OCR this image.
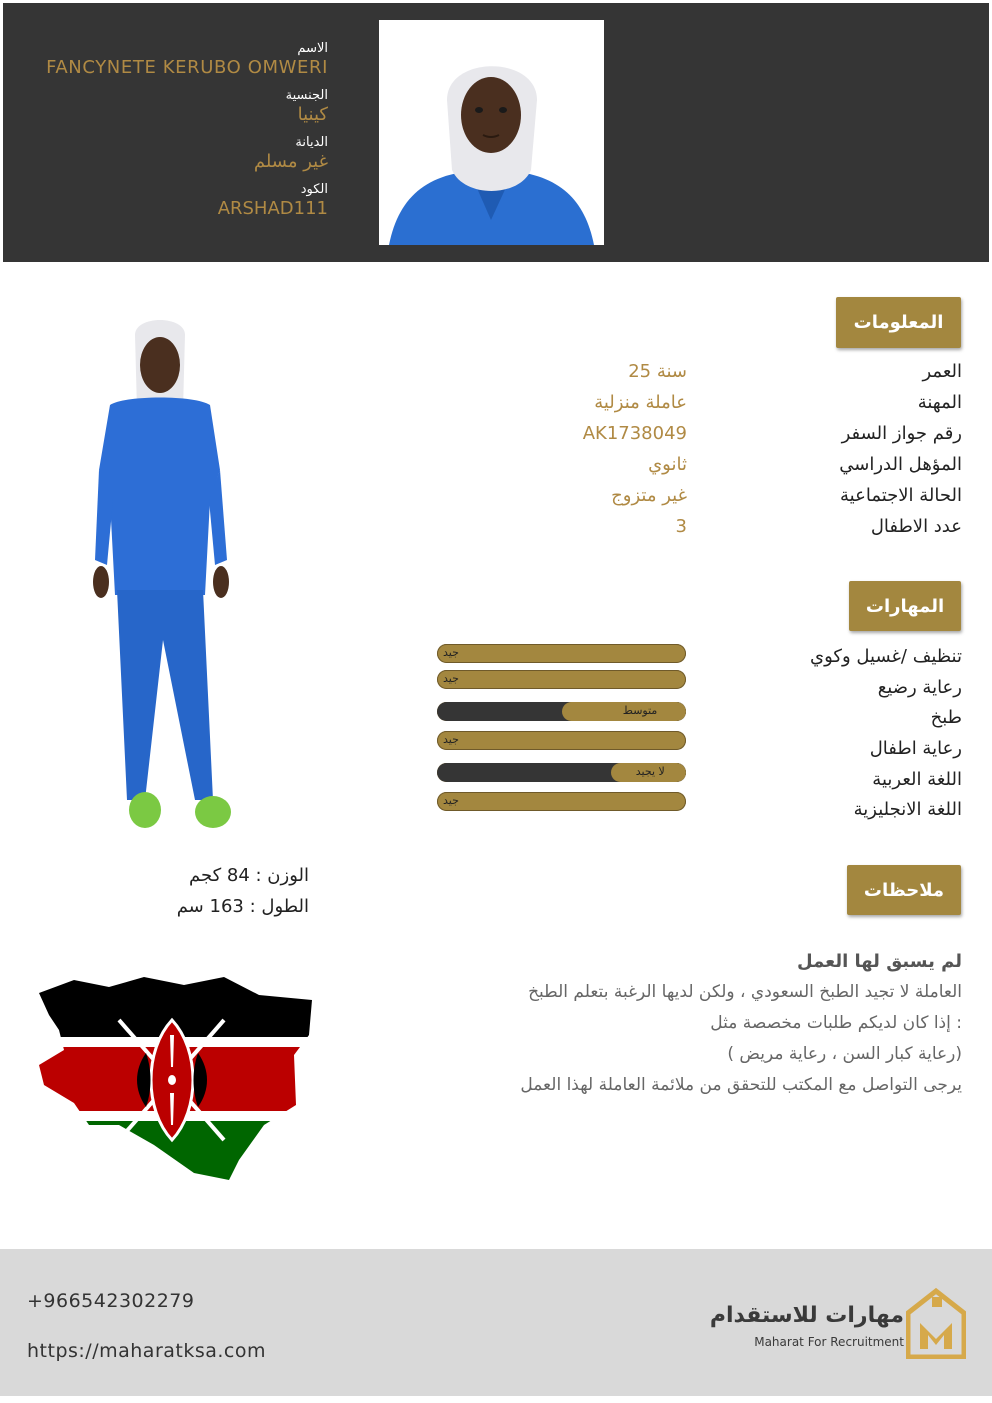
الاسم
FANCYNETE KERUBO OMWERI
الجنسية
كينيا
الديانة
غير مسلم
الكود
ARSHAD111
المعلومات
العمر
25 سنة
المهنة
عاملة منزلية
رقم جواز السفر
AK1738049
المؤهل الدراسي
ثانوي
الحالة الاجتماعية
غير متزوج
عدد الاطفال
3
المهارات
تنظيف /غسيل وكوي
جيد
رعاية رضيع
جيد
طبخ
متوسط
رعاية اطفال
جيد
اللغة العربية
لا يجيد
اللغة الانجليزية
جيد
الوزن : 84 كجم
الطول : 163 سم
ملاحظات
لم يسبق لها العمل
العاملة لا تجيد الطبخ السعودي ، ولكن لديها الرغبة بتعلم الطبخ
إذا كان لديكم طلبات مخصصة مثل :
( رعاية كبار السن ، رعاية مريض)
يرجى التواصل مع المكتب للتحقق من ملائمة العاملة لهذا العمل
+966542302279
https://maharatksa.com
مهارات للاستقدام
Maharat For Recruitment
